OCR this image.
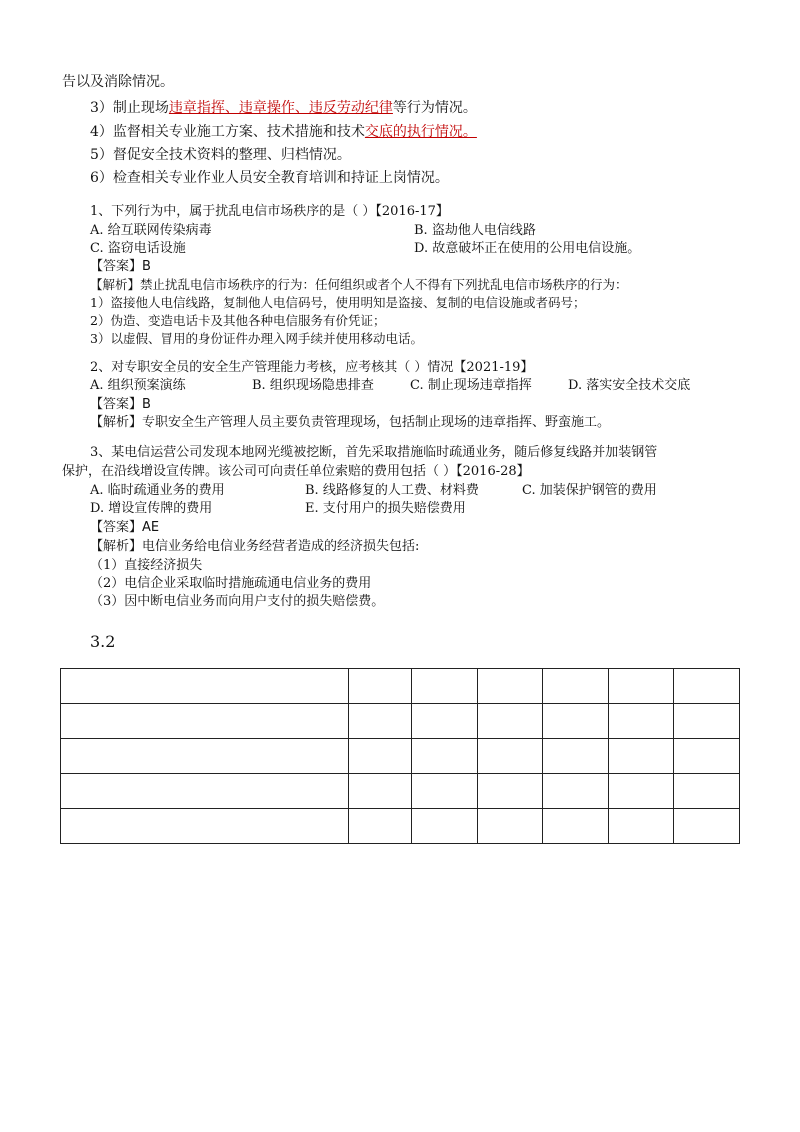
告以及消除情况。
3）制止现场违章指挥、违章操作、违反劳动纪律等行为情况。
4）监督相关专业施工方案、技术措施和技术交底的执行情况。
5）督促安全技术资料的整理、归档情况。
6）检查相关专业作业人员安全教育培训和持证上岗情况。
1、下列行为中，属于扰乱电信市场秩序的是（ ）【2016-17】
A. 给互联网传染病毒	B. 盗劫他人电信线路
C. 盗窃电话设施	D. 故意破坏正在使用的公用电信设施。
【答案】B
【解析】禁止扰乱电信市场秩序的行为：任何组织或者个人不得有下列扰乱电信市场秩序的行为：
1）盗接他人电信线路，复制他人电信码号，使用明知是盗接、复制的电信设施或者码号；
2）伪造、变造电话卡及其他各种电信服务有价凭证；
3）以虚假、冒用的身份证件办理入网手续并使用移动电话。
2、对专职安全员的安全生产管理能力考核，应考核其（ ）情况【2021-19】
A. 组织预案演练	B. 组织现场隐患排查	C. 制止现场违章指挥	D. 落实安全技术交底
【答案】B
【解析】专职安全生产管理人员主要负责管理现场，包括制止现场的违章指挥、野蛮施工。
3、某电信运营公司发现本地网光缆被挖断，首先采取措施临时疏通业务，随后修复线路并加装钢管
保护，在沿线增设宣传牌。该公司可向责任单位索赔的费用包括（ ）【2016-28】
A. 临时疏通业务的费用	B. 线路修复的人工费、材料费	C. 加装保护钢管的费用
D. 增设宣传牌的费用	E. 支付用户的损失赔偿费用
【答案】AE
【解析】电信业务给电信业务经营者造成的经济损失包括:
（1）直接经济损失
（2）电信企业采取临时措施疏通电信业务的费用
（3）因中断电信业务而向用户支付的损失赔偿费。
3.2
